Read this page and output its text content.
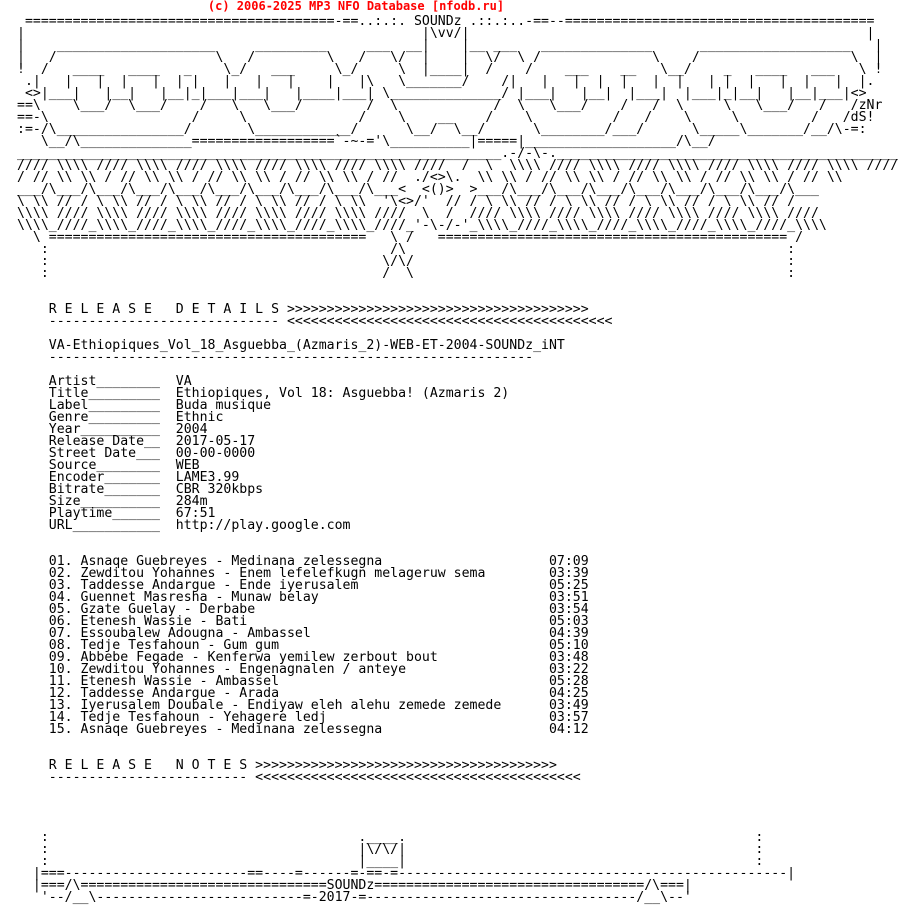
(c) 2006-2025 MP3 NFO Database [nfodb.ru]
=======================================-==..:.:. SOUNDz .::.:..-==--=======================================
|                                                  |\vv/|                                                  |
|    ____________________     _________     ___  __|    |__ ___   ______________      ___________________   |
|   /                    \   /         \   /   \/  |    |  \/  \ /              \    /                   \  |
!  /   ____   ____   _    \_/   ___     \_/     \  |____|  /    /    ___    __   \__/    _   ____   ___   \ !
.|   |   |  |   |  | |   |   |   |    |   |\   \_______/    /|   |   |  |  |   |  |   | |  |   |  |   |  |.
<>|___|   |__|   |__|_|___|___|   |____|___| \______________/ |___|   |__|  |___|  |___|_|__|   |__|___|<>
==\    \___/  \___/    /   \   \___/        /  \            /  \   \___/    /   /  \     \   \___/   /   /zNr
==-\                  /     \              /    \    __    /    \          /   /    \     \         /   /dS!
:=-/\________________/       \____________/      \__/  \__/      \________/___/      \_____\_______/__/\-=:
\__/\______________==================`-~-='\__________|=====|___________________/\__/
_____________________________________________________________.-/-\-.___________________________________________
//// \\\\ //// \\\\ //// \\\\ //// \\\\ //// \\\\ ////  /  \  \\\\ //// \\\\ //// \\\\ //// \\\\ //// \\\\ ////
/ // \\ \\ / // \\ \\ / // \\ \\ / // \\ \\ / //  ./<>\.  \\ \\ / // \\ \\ / // \\ \\ / // \\ \\ / // \\
___/\___/\___/\___/\___/\___/\___/\___/\___/\___<  <()>  >___/\___/\___/\___/\___/\___/\___/\___/\___
\ \\ // / \ \\ // / \ \\ // / \ \\ // / \ \\  '\<>/'  // / \ \\ // / \ \\ // / \ \\ // / \ \\ // /
\\\\ //// \\\\ //// \\\\ //// \\\\ //// \\\\ ////  \  /  //// \\\\ //// \\\\ //// \\\\ //// \\\\ ////
\\\\_////_\\\\_////_\\\\_////_\\\\_////_\\\\_////_'-\-/-'_\\\\_////_\\\\_////_\\\\_////_\\\\_////_\\\\
\ ========================================   \ /   ============================================ /
:                                           /\                                                :
:                                          \/\/                                               :
:                                          /  \                                               :

R E L E A S E   D E T A I L S >>>>>>>>>>>>>>>>>>>>>>>>>>>>>>>>>>>>>>
----------------------------- <<<<<<<<<<<<<<<<<<<<<<<<<<<<<<<<<<<<<<<<<

VA-Ethiopiques_Vol_18_Asguebba_(Azmaris_2)-WEB-ET-2004-SOUNDz_iNT
-------------------------------------------------------------

Artist________  VA
Title_________  Ethiopiques, Vol 18: Asguebba! (Azmaris 2)
Label_________  Buda musique
Genre_________  Ethnic
Year__________  2004
Release Date__  2017-05-17
Street Date___  00-00-0000
Source________  WEB
Encoder_______  LAME3.99
Bitrate_______  CBR 320kbps
Size__________  284m
Playtime______  67:51
URL___________  http://play.google.com

01. Asnaqe Guebreyes - Medinana zelessegna                     07:09
02. Zewditou Yohannes - Enem lefelefkugn melageruw sema        03:39
03. Taddesse Andargue - Ende iyerusalem                        05:25
04. Guennet Masresha - Munaw belay                             03:51
05. Gzate Guelay - Derbabe                                     03:54
06. Etenesh Wassie - Bati                                      05:03
07. Essoubalew Adougna - Ambassel                              04:39
08. Tedje Tesfahoun - Gum gum                                  05:10
09. Abbebe Fegade - Kenferwa yemilew zerbout bout              03:48
10. Zewditou Yohannes - Engenagnalen / anteye                  03:22
11. Etenesh Wassie - Ambassel                                  05:28
12. Taddesse Andargue - Arada                                  04:25
13. Iyerusalem Doubale - Endiyaw eleh alehu zemede zemede      03:49
14. Tedje Tesfahoun - Yehagere ledj                            03:57
15. Asnaqe Guebreyes - Medinana zelessegna                     04:12

R E L E A S E   N O T E S >>>>>>>>>>>>>>>>>>>>>>>>>>>>>>>>>>>>>>
------------------------- <<<<<<<<<<<<<<<<<<<<<<<<<<<<<<<<<<<<<<<<<

:                                       .____.                                            :
:                                       |\/\/|                                            :
:                                       |____|                                            :
|===-----------------------==----=------=-==-=-------------------------------------------------|
|===/\===============================SOUNDz==================================/\===|
'--/__\--------------------------=-2017-=----------------------------------/__\--'
